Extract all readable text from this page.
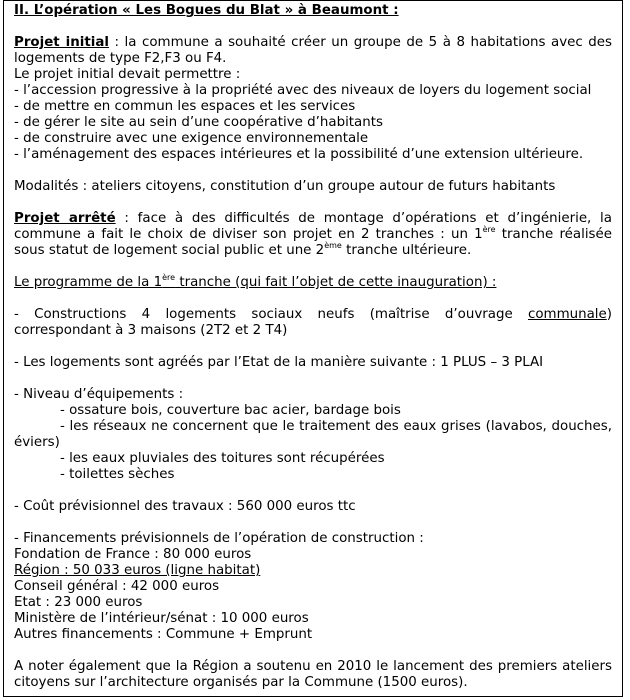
II. L’opération « Les Bogues du Blat » à Beaumont :

Projet initial : la commune a souhaité créer un groupe de 5 à 8 habitations avec des logements de type F2,F3 ou F4.

Le projet initial devait permettre :

- l’accession progressive à la propriété avec des niveaux de loyers du logement social

- de mettre en commun les espaces et les services

- de gérer le site au sein d’une coopérative d’habitants

- de construire avec une exigence environnementale

- l’aménagement des espaces intérieures et la possibilité d’une extension ultérieure.

Modalités : ateliers citoyens, constitution d’un groupe autour de futurs habitants

Projet arrêté : face à des difficultés de montage d’opérations et d’ingénierie, la commune a fait le choix de diviser son projet en 2 tranches : un 1ère tranche réalisée sous statut de logement social public et une 2ème tranche ultérieure.

Le programme de la 1ère tranche (qui fait l’objet de cette inauguration) :

- Constructions 4 logements sociaux neufs (maîtrise d’ouvrage communale) correspondant à 3 maisons (2T2 et 2 T4)

- Les logements sont agréés par l’Etat de la manière suivante : 1 PLUS – 3 PLAI

- Niveau d’équipements :

- ossature bois, couverture bac acier, bardage bois

- les réseaux ne concernent que le traitement des eaux grises (lavabos, douches, éviers)

- les eaux pluviales des toitures sont récupérées

- toilettes sèches

- Coût prévisionnel des travaux : 560 000 euros ttc

- Financements prévisionnels de l’opération de construction :

Fondation de France : 80 000 euros

Région : 50 033 euros (ligne habitat)

Conseil général : 42 000 euros

Etat : 23 000 euros

Ministère de l’intérieur/sénat : 10 000 euros

Autres financements : Commune + Emprunt

A noter également que la Région a soutenu en 2010 le lancement des premiers ateliers citoyens sur l’architecture organisés par la Commune (1500 euros).
